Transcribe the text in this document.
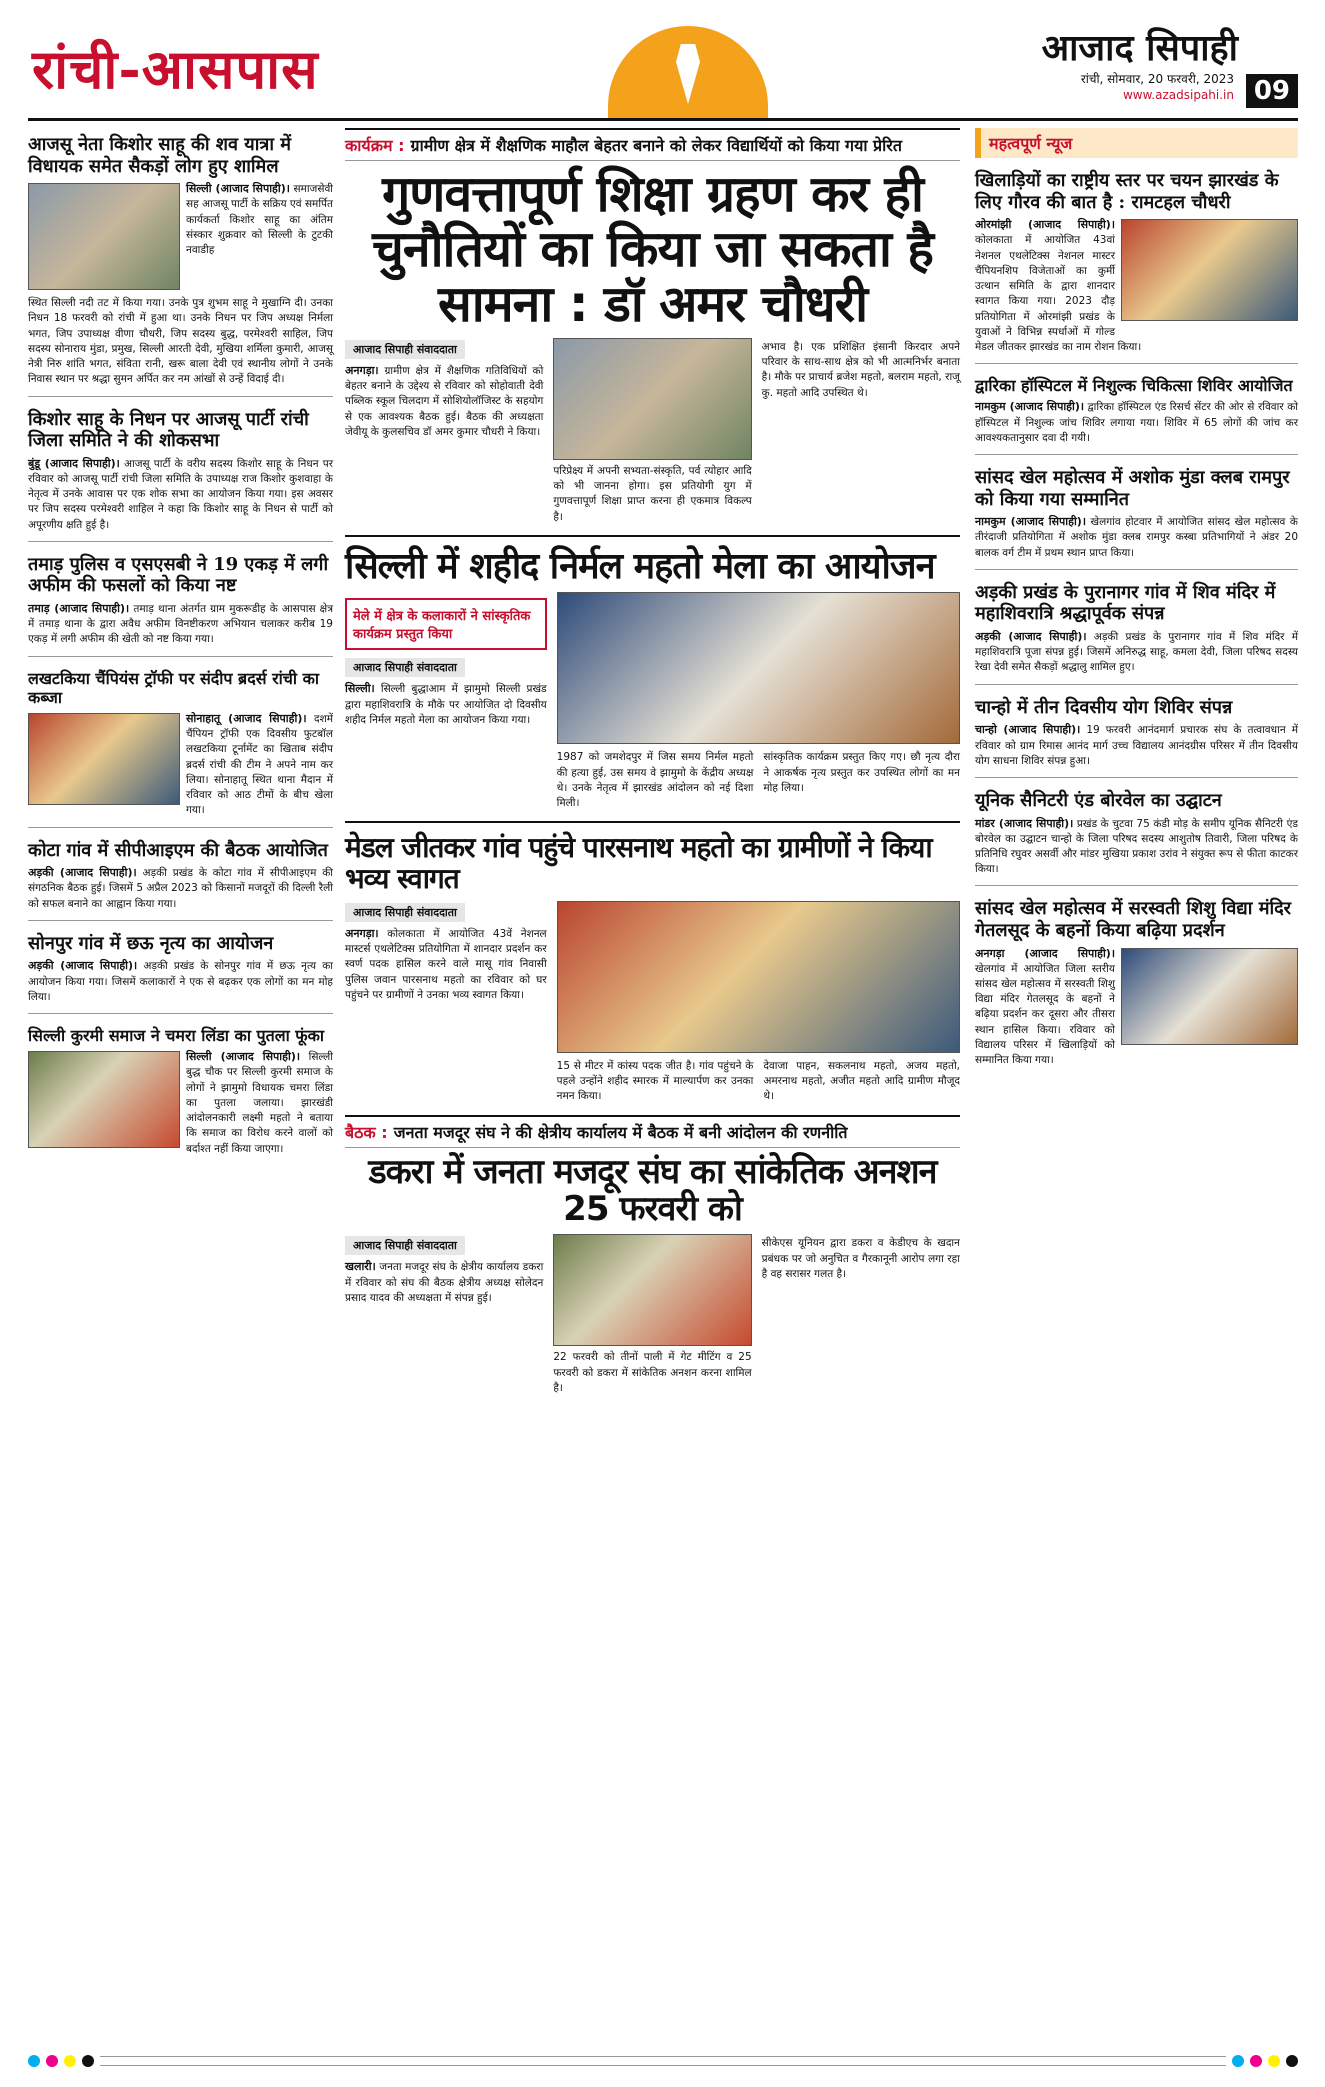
रांची-आसपास	आजाद सिपाही
रांची, सोमवार, 20 फरवरी, 2023
www.azadsipahi.in 09
आजसू नेता किशोर साहू की शव यात्रा में विधायक समेत सैकड़ों लोग हुए शामिल
सिल्ली (आजाद सिपाही)। समाजसेवी सह आजसू पार्टी के सक्रिय एवं समर्पित कार्यकर्ता किशोर साहू का अंतिम संस्कार शुक्रवार को सिल्ली के टुटकी नवाडीह
स्थित सिल्ली नदी तट में किया गया। उनके पुत्र शुभम साहू ने मुखाग्नि दी। उनका निधन 18 फरवरी को रांची में हुआ था। उनके निधन पर जिप अध्यक्ष निर्मला भगत, जिप उपाध्यक्ष वीणा चौधरी, जिप सदस्य बुद्ध, परमेश्वरी साहिल, जिप सदस्य सोनाराय मुंडा, प्रमुख, सिल्ली आरती देवी, मुखिया शर्मिला कुमारी, आजसू नेत्री निरु शांति भगत, संविता रानी, खरू बाला देवी एवं स्थानीय लोगों ने उनके निवास स्थान पर श्रद्धा सुमन अर्पित कर नम आंखों से उन्हें विदाई दी।
किशोर साहू के निधन पर आजसू पार्टी रांची जिला समिति ने की शोकसभा
बुंडू (आजाद सिपाही)। आजसू पार्टी के वरीय सदस्य किशोर साहू के निधन पर रविवार को आजसू पार्टी रांची जिला समिति के उपाध्यक्ष राज किशोर कुशवाहा के नेतृत्व में उनके आवास पर एक शोक सभा का आयोजन किया गया। इस अवसर पर जिप सदस्य परमेश्वरी शाहिल ने कहा कि किशोर साहू के निधन से पार्टी को अपूरणीय क्षति हुई है।
तमाड़ पुलिस व एसएसबी ने 19 एकड़ में लगी अफीम की फसलों को किया नष्ट
तमाड़ (आजाद सिपाही)। तमाड़ थाना अंतर्गत ग्राम मुकरूडीह के आसपास क्षेत्र में तमाड़ थाना के द्वारा अवैध अफीम विनष्टीकरण अभियान चलाकर करीब 19 एकड़ में लगी अफीम की खेती को नष्ट किया गया।
लखटकिया चैंपियंस ट्रॉफी पर संदीप ब्रदर्स रांची का कब्जा
सोनाहातू (आजाद सिपाही)। दशमें चैंपियन ट्रॉफी एक दिवसीय फुटबॉल लखटकिया टूर्नामेंट का खिताब संदीप ब्रदर्स रांची की टीम ने अपने नाम कर लिया। सोनाहातू स्थित थाना मैदान में रविवार को आठ टीमों के बीच खेला गया।
कोटा गांव में सीपीआइएम की बैठक आयोजित
अड़की (आजाद सिपाही)। अड़की प्रखंड के कोटा गांव में सीपीआइएम की संगठनिक बैठक हुई। जिसमें 5 अप्रैल 2023 को किसानों मजदूरों की दिल्ली रैली को सफल बनाने का आह्वान किया गया।
सोनपुर गांव में छऊ नृत्य का आयोजन
अड़की (आजाद सिपाही)। अड़की प्रखंड के सोनपुर गांव में छऊ नृत्य का आयोजन किया गया। जिसमें कलाकारों ने एक से बढ़कर एक लोगों का मन मोह लिया।
सिल्ली कुरमी समाज ने चमरा लिंडा का पुतला फूंका
सिल्ली (आजाद सिपाही)। सिल्ली बुद्ध चौक पर सिल्ली कुरमी समाज के लोगों ने झामुमो विधायक चमरा लिंडा का पुतला जलाया। झारखंडी आंदोलनकारी लक्ष्मी महतो ने बताया कि समाज का विरोध करने वालों को बर्दाश्त नहीं किया जाएगा।
कार्यक्रम : ग्रामीण क्षेत्र में शैक्षणिक माहौल बेहतर बनाने को लेकर विद्यार्थियों को किया गया प्रेरित
गुणवत्तापूर्ण शिक्षा ग्रहण कर ही चुनौतियों का किया जा सकता है सामना : डॉ अमर चौधरी
आजाद सिपाही संवाददाता
अनगड़ा। ग्रामीण क्षेत्र में शैक्षणिक गतिविधियों को बेहतर बनाने के उद्देश्य से रविवार को सोहोवाती देवी पब्लिक स्कूल चिलदाग में सोशियोलॉजिस्ट के सहयोग से एक आवश्यक बैठक हुई। बैठक की अध्यक्षता जेवीयू के कुलसचिव डॉ अमर कुमार चौधरी ने किया।
परिप्रेक्ष्य में अपनी सभ्यता-संस्कृति, पर्व त्योहार आदि को भी जानना होगा। इस प्रतियोगी युग में गुणवत्तापूर्ण शिक्षा प्राप्त करना ही एकमात्र विकल्प है।
अभाव है। एक प्रशिक्षित इंसानी किरदार अपने परिवार के साथ-साथ क्षेत्र को भी आत्मनिर्भर बनाता है। मौके पर प्राचार्य ब्रजेश महतो, बलराम महतो, राजू कु. महतो आदि उपस्थित थे।
सिल्ली में शहीद निर्मल महतो मेला का आयोजन
मेले में क्षेत्र के कलाकारों ने सांस्कृतिक कार्यक्रम प्रस्तुत किया
आजाद सिपाही संवाददाता
सिल्ली। सिल्ली बुद्धाआम में झामुमो सिल्ली प्रखंड द्वारा महाशिवरात्रि के मौके पर आयोजित दो दिवसीय शहीद निर्मल महतो मेला का आयोजन किया गया।
1987 को जमशेदपुर में जिस समय निर्मल महतो की हत्या हुई, उस समय वे झामुमो के केंद्रीय अध्यक्ष थे। उनके नेतृत्व में झारखंड आंदोलन को नई दिशा मिली।
सांस्कृतिक कार्यक्रम प्रस्तुत किए गए। छौ नृत्य दौरा ने आकर्षक नृत्य प्रस्तुत कर उपस्थित लोगों का मन मोह लिया।
मेडल जीतकर गांव पहुंचे पारसनाथ महतो का ग्रामीणों ने किया भव्य स्वागत
आजाद सिपाही संवाददाता
अनगड़ा। कोलकाता में आयोजित 43वें नेशनल मास्टर्स एथलेटिक्स प्रतियोगिता में शानदार प्रदर्शन कर स्वर्ण पदक हासिल करने वाले मासू गांव निवासी पुलिस जवान पारसनाथ महतो का रविवार को घर पहुंचने पर ग्रामीणों ने उनका भव्य स्वागत किया।
15 से मीटर में कांस्य पदक जीत है। गांव पहुंचने के पहले उन्होंने शहीद स्मारक में माल्यार्पण कर उनका नमन किया।
देवाजा पाहन, सकलनाथ महतो, अजय महतो, अमरनाथ महतो, अजीत महतो आदि ग्रामीण मौजूद थे।
बैठक : जनता मजदूर संघ ने की क्षेत्रीय कार्यालय में बैठक में बनी आंदोलन की रणनीति
डकरा में जनता मजदूर संघ का सांकेतिक अनशन 25 फरवरी को
आजाद सिपाही संवाददाता
खलारी। जनता मजदूर संघ के क्षेत्रीय कार्यालय डकरा में रविवार को संघ की बैठक क्षेत्रीय अध्यक्ष सोलेदन प्रसाद यादव की अध्यक्षता में संपन्न हुई।
22 फरवरी को तीनों पाली में गेट मीटिंग व 25 फरवरी को डकरा में सांकेतिक अनशन करना शामिल है।
सीकेएस यूनियन द्वारा डकरा व केडीएच के खदान प्रबंधक पर जो अनुचित व गैरकानूनी आरोप लगा रहा है वह सरासर गलत है।
महत्वपूर्ण न्यूज
खिलाड़ियों का राष्ट्रीय स्तर पर चयन झारखंड के लिए गौरव की बात है : रामटहल चौधरी
ओरमांझी (आजाद सिपाही)। कोलकाता में आयोजित 43वां नेशनल एथलेटिक्स नेशनल मास्टर चैंपियनशिप विजेताओं का कुर्मी उत्थान समिति के द्वारा शानदार स्वागत किया गया। 2023 दौड़ प्रतियोगिता में ओरमांझी प्रखंड के युवाओं ने विभिन्न स्पर्धाओं में गोल्ड मेडल जीतकर झारखंड का नाम रोशन किया।
द्वारिका हॉस्पिटल में निशुल्क चिकित्सा शिविर आयोजित
नामकुम (आजाद सिपाही)। द्वारिका हॉस्पिटल एंड रिसर्च सेंटर की ओर से रविवार को हॉस्पिटल में निशुल्क जांच शिविर लगाया गया। शिविर में 65 लोगों की जांच कर आवश्यकतानुसार दवा दी गयी।
सांसद खेल महोत्सव में अशोक मुंडा क्लब रामपुर को किया गया सम्मानित
नामकुम (आजाद सिपाही)। खेलगांव होटवार में आयोजित सांसद खेल महोत्सव के तीरंदाजी प्रतियोगिता में अशोक मुंडा क्लब रामपुर कस्बा प्रतिभागियों ने अंडर 20 बालक वर्ग टीम में प्रथम स्थान प्राप्त किया।
अड़की प्रखंड के पुरानागर गांव में शिव मंदिर में महाशिवरात्रि श्रद्धापूर्वक संपन्न
अड़की (आजाद सिपाही)। अड़की प्रखंड के पुरानागर गांव में शिव मंदिर में महाशिवरात्रि पूजा संपन्न हुई। जिसमें अनिरुद्ध साहू, कमला देवी, जिला परिषद सदस्य रेखा देवी समेत सैकड़ों श्रद्धालु शामिल हुए।
चान्हो में तीन दिवसीय योग शिविर संपन्न
चान्हो (आजाद सिपाही)। 19 फरवरी आनंदमार्ग प्रचारक संघ के तत्वावधान में रविवार को ग्राम रिमास आनंद मार्ग उच्च विद्यालय आनंदग्रीस परिसर में तीन दिवसीय योग साधना शिविर संपन्न हुआ।
यूनिक सैनिटरी एंड बोरवेल का उद्घाटन
मांडर (आजाद सिपाही)। प्रखंड के चुटवा 75 कंडी मोड़ के समीप यूनिक सैनिटरी एंड बोरवेल का उद्घाटन चान्हो के जिला परिषद सदस्य आशुतोष तिवारी, जिला परिषद के प्रतिनिधि रघुवर असर्वी और मांडर मुखिया प्रकाश उरांव ने संयुक्त रूप से फीता काटकर किया।
सांसद खेल महोत्सव में सरस्वती शिशु विद्या मंदिर गेतलसूद के बहनों किया बढ़िया प्रदर्शन
अनगड़ा (आजाद सिपाही)। खेलगांव में आयोजित जिला स्तरीय सांसद खेल महोत्सव में सरस्वती शिशु विद्या मंदिर गेतलसूद के बहनों ने बढ़िया प्रदर्शन कर दूसरा और तीसरा स्थान हासिल किया। रविवार को विद्यालय परिसर में खिलाड़ियों को सम्मानित किया गया।
